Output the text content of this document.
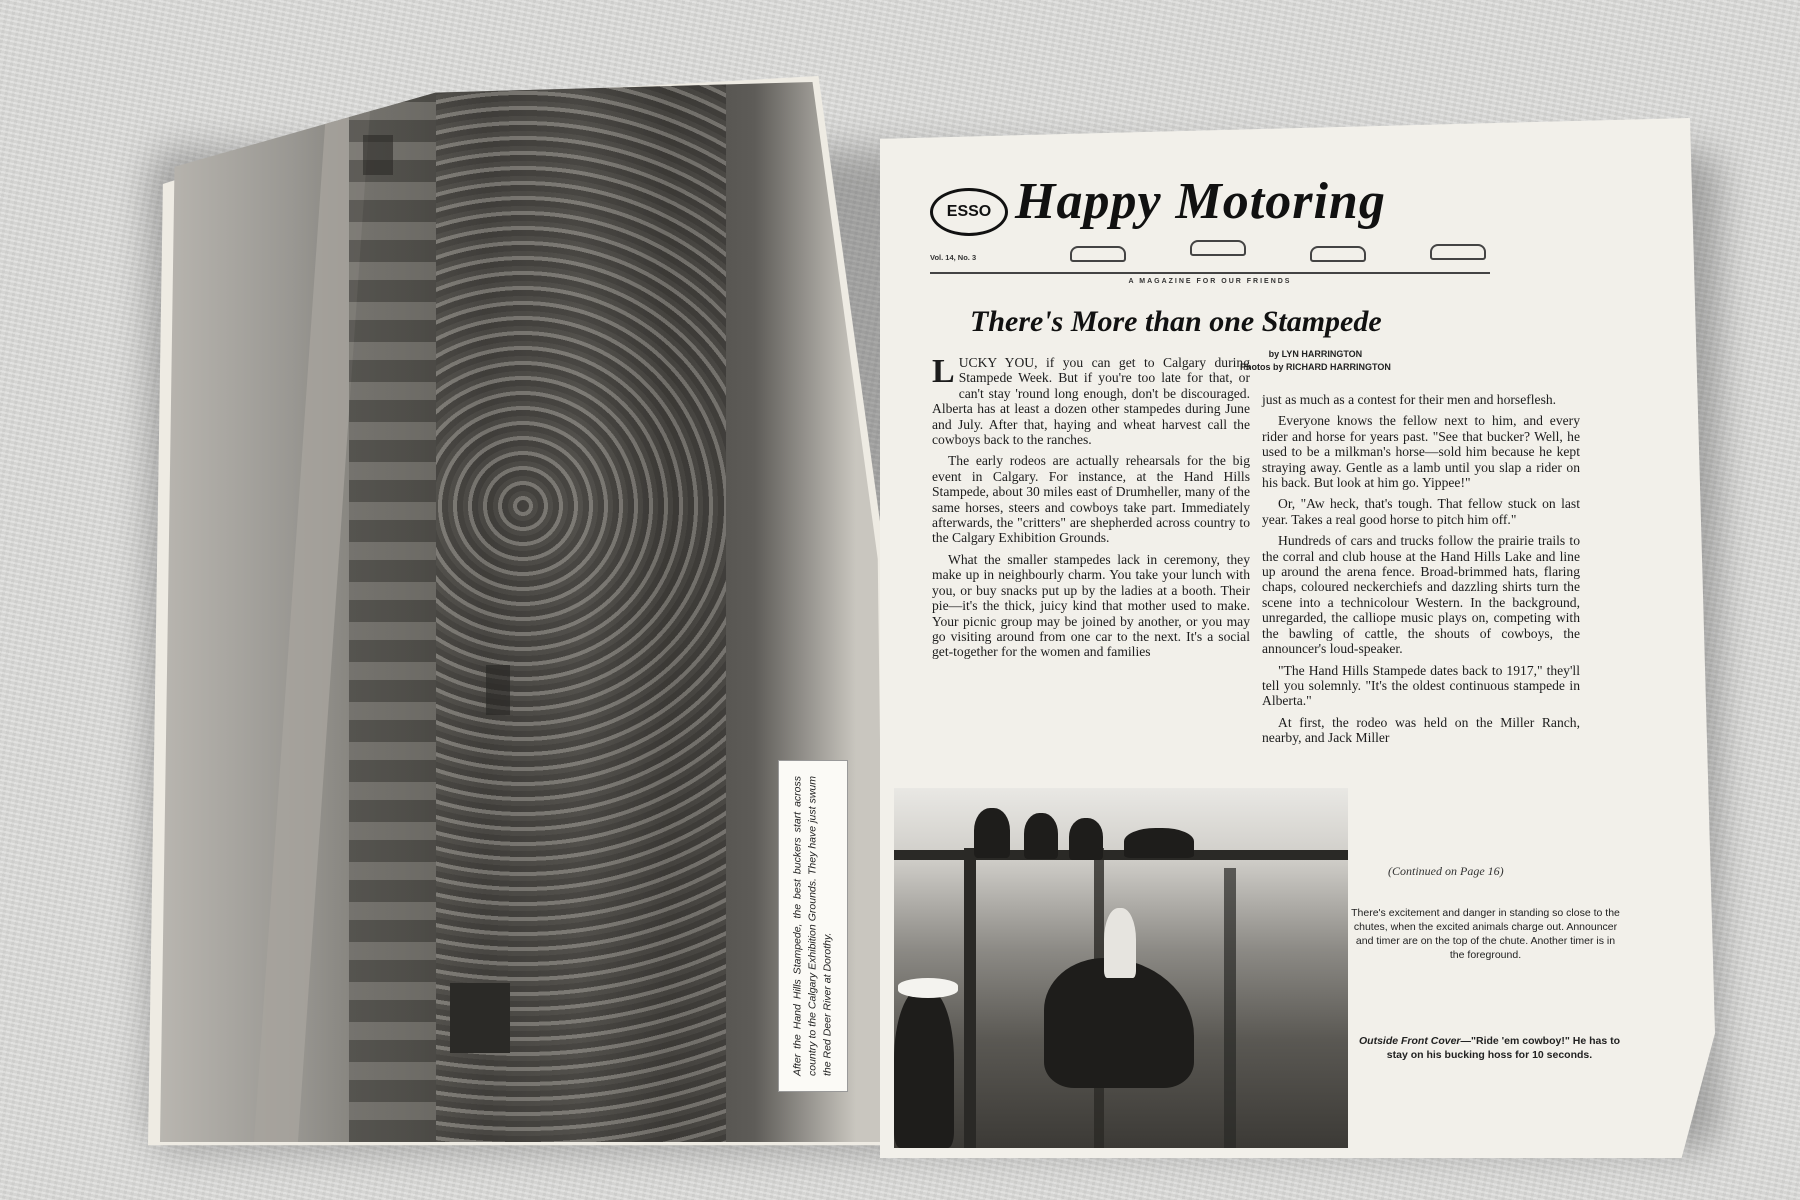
After the Hand Hills Stampede, the best buckers start across country to the Calgary Exhibition Grounds. They have just swum the Red Deer River at Dorothy.
ESSO Happy Motoring
Vol. 14, No. 3
A MAGAZINE FOR OUR FRIENDS
There's More than one Stampede
by LYN HARRINGTON
Photos by RICHARD HARRINGTON

LUCKY YOU, if you can get to Calgary during Stampede Week. But if you're too late for that, or can't stay 'round long enough, don't be discouraged. Alberta has at least a dozen other stampedes during June and July. After that, haying and wheat harvest call the cowboys back to the ranches.

The early rodeos are actually rehearsals for the big event in Calgary. For instance, at the Hand Hills Stampede, about 30 miles east of Drumheller, many of the same horses, steers and cowboys take part. Immediately afterwards, the "critters" are shepherded across country to the Calgary Exhibition Grounds.

What the smaller stampedes lack in ceremony, they make up in neighbourly charm. You take your lunch with you, or buy snacks put up by the ladies at a booth. Their pie—it's the thick, juicy kind that mother used to make. Your picnic group may be joined by another, or you may go visiting around from one car to the next. It's a social get-together for the women and families

just as much as a contest for their men and horseflesh.

Everyone knows the fellow next to him, and every rider and horse for years past. "See that bucker? Well, he used to be a milkman's horse—sold him because he kept straying away. Gentle as a lamb until you slap a rider on his back. But look at him go. Yippee!"

Or, "Aw heck, that's tough. That fellow stuck on last year. Takes a real good horse to pitch him off."

Hundreds of cars and trucks follow the prairie trails to the corral and club house at the Hand Hills Lake and line up around the arena fence. Broad-brimmed hats, flaring chaps, coloured neckerchiefs and dazzling shirts turn the scene into a technicolour Western. In the background, unregarded, the calliope music plays on, competing with the bawling of cattle, the shouts of cowboys, the announcer's loud-speaker.

"The Hand Hills Stampede dates back to 1917," they'll tell you solemnly. "It's the oldest continuous stampede in Alberta."

At first, the rodeo was held on the Miller Ranch, nearby, and Jack Miller

(Continued on Page 16)
There's excitement and danger in standing so close to the chutes, when the excited animals charge out. Announcer and timer are on the top of the chute. Another timer is in the foreground.
Outside Front Cover—"Ride 'em cowboy!" He has to stay on his bucking hoss for 10 seconds.
